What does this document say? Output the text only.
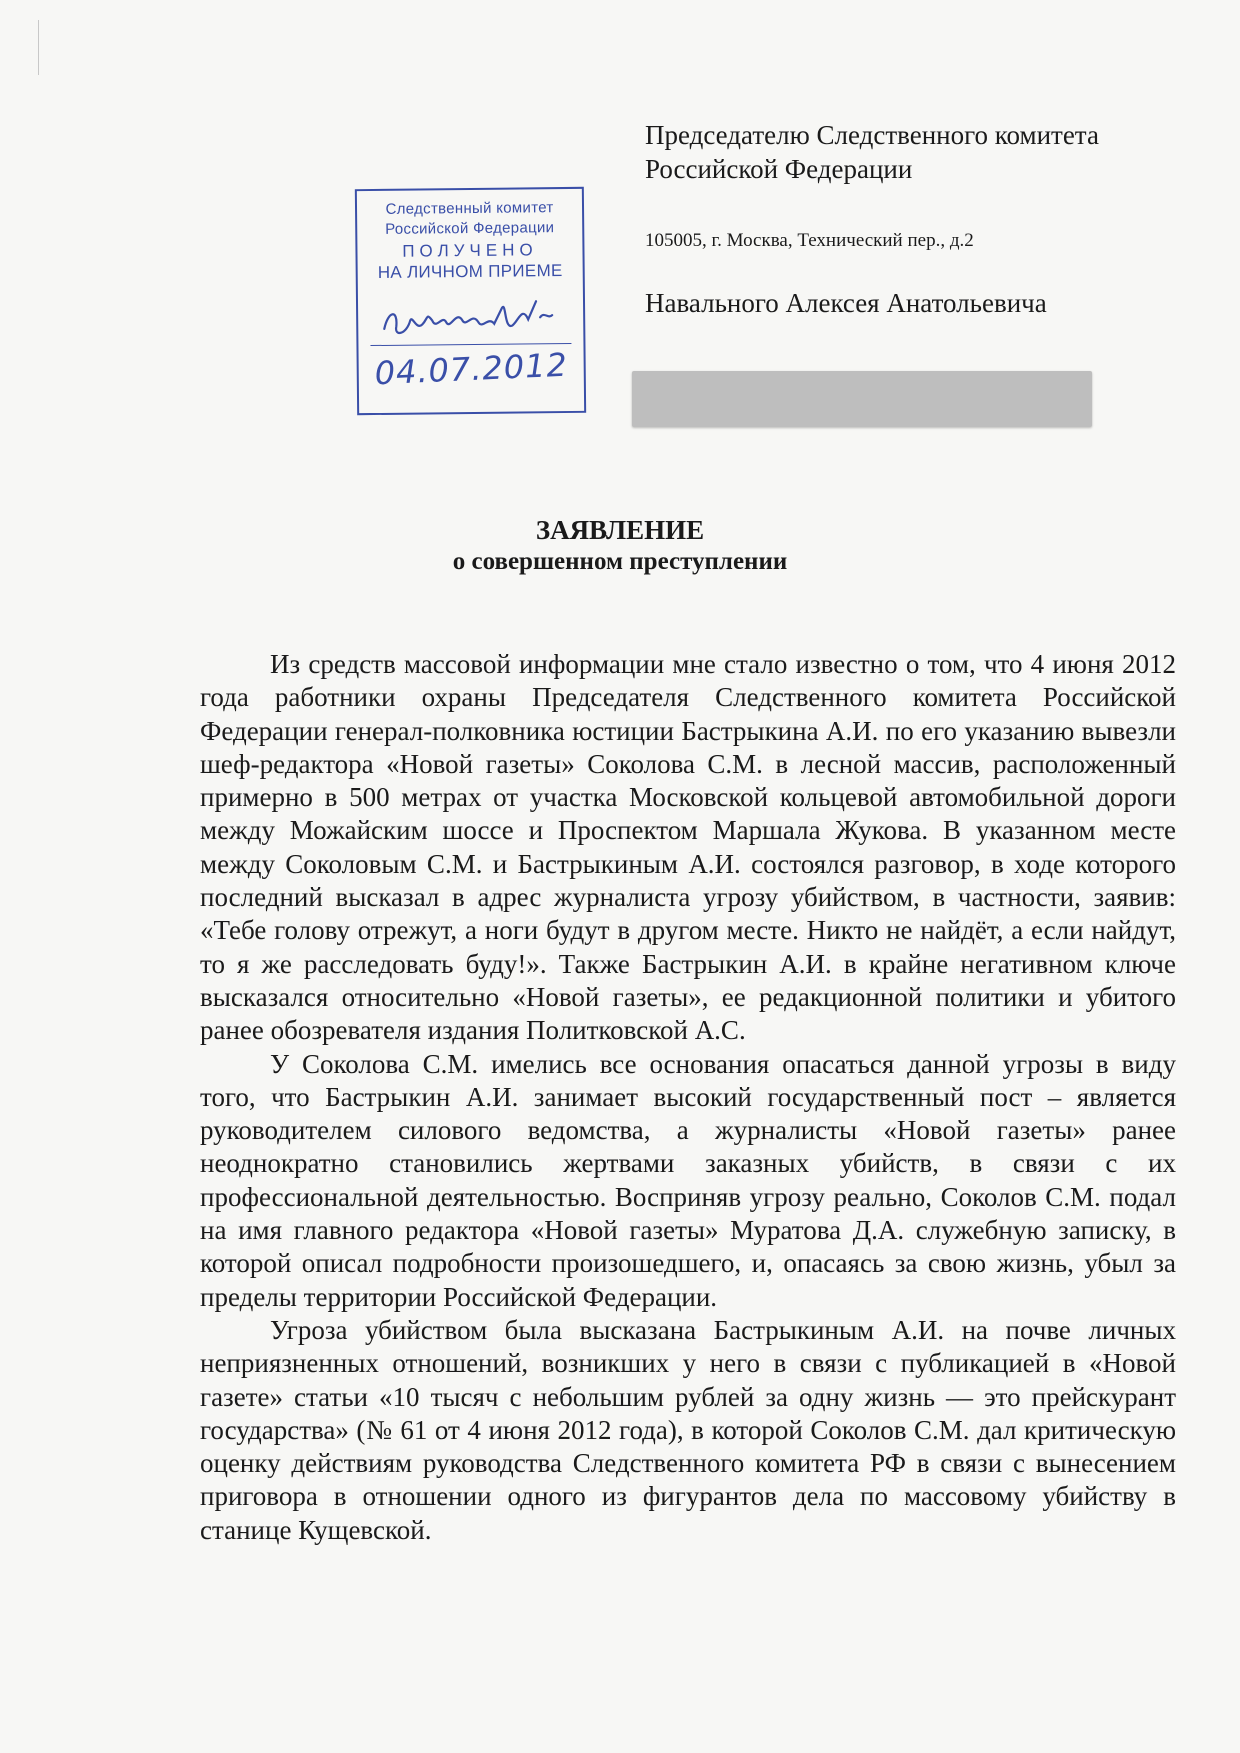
Председателю Следственного комитета

Российской Федерации

105005, г. Москва, Технический пер., д.2

Навального Алексея Анатольевича

Следственный комитет
Российской Федерации
ПОЛУЧЕНО
НА ЛИЧНОМ ПРИЕМЕ
04.07.2012

ЗАЯВЛЕНИЕ

о совершенном преступлении

Из средств массовой информации мне стало известно о том, что 4 июня 2012 года работники охраны Председателя Следственного комитета Российской Федерации генерал-полковника юстиции Бастрыкина А.И. по его указанию вывезли шеф-редактора «Новой газеты» Соколова С.М. в лесной массив, расположенный примерно в 500 метрах от участка Московской кольцевой автомобильной дороги между Можайским шоссе и Проспектом Маршала Жукова. В указанном месте между Соколовым С.М. и Бастрыкиным А.И. состоялся разговор, в ходе которого последний высказал в адрес журналиста угрозу убийством, в частности, заявив: «Тебе голову отрежут, а ноги будут в другом месте. Никто не найдёт, а если найдут, то я же расследовать буду!». Также Бастрыкин А.И. в крайне негативном ключе высказался относительно «Новой газеты», ее редакционной политики и убитого ранее обозревателя издания Политковской А.С.

У Соколова С.М. имелись все основания опасаться данной угрозы в виду того, что Бастрыкин А.И. занимает высокий государственный пост – является руководителем силового ведомства, а журналисты «Новой газеты» ранее неоднократно становились жертвами заказных убийств, в связи с их профессиональной деятельностью. Восприняв угрозу реально, Соколов С.М. подал на имя главного редактора «Новой газеты» Муратова Д.А. служебную записку, в которой описал подробности произошедшего, и, опасаясь за свою жизнь, убыл за пределы территории Российской Федерации.

Угроза убийством была высказана Бастрыкиным А.И. на почве личных неприязненных отношений, возникших у него в связи с публикацией в «Новой газете» статьи «10 тысяч с небольшим рублей за одну жизнь — это прейскурант государства» (№ 61 от 4 июня 2012 года), в которой Соколов С.М. дал критическую оценку действиям руководства Следственного комитета РФ в связи с вынесением приговора в отношении одного из фигурантов дела по массовому убийству в станице Кущевской.
